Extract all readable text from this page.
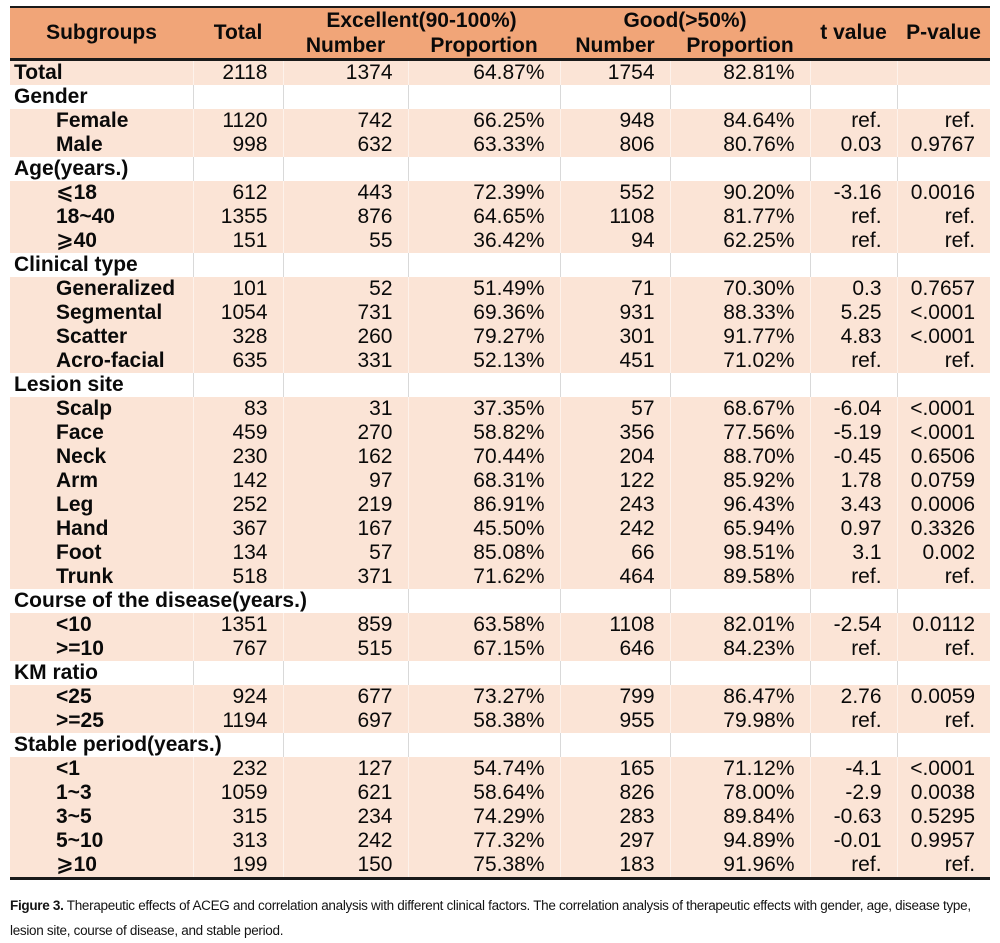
Subgroups	Total	Excellent(90-100%)		Good(>50%)		t value	P-value
		Number	Proportion	Number	Proportion		
Total	2118	1374	64.87%	1754	82.81%		
Gender							
Female	1120	742	66.25%	948	84.64%	ref.	ref.
Male	998	632	63.33%	806	80.76%	0.03	0.9767
Age(years.)							
⩽18	612	443	72.39%	552	90.20%	-3.16	0.0016
18~40	1355	876	64.65%	1108	81.77%	ref.	ref.
⩾40	151	55	36.42%	94	62.25%	ref.	ref.
Clinical type							
Generalized	101	52	51.49%	71	70.30%	0.3	0.7657
Segmental	1054	731	69.36%	931	88.33%	5.25	<.0001
Scatter	328	260	79.27%	301	91.77%	4.83	<.0001
Acro-facial	635	331	52.13%	451	71.02%	ref.	ref.
Lesion site							
Scalp	83	31	37.35%	57	68.67%	-6.04	<.0001
Face	459	270	58.82%	356	77.56%	-5.19	<.0001
Neck	230	162	70.44%	204	88.70%	-0.45	0.6506
Arm	142	97	68.31%	122	85.92%	1.78	0.0759
Leg	252	219	86.91%	243	96.43%	3.43	0.0006
Hand	367	167	45.50%	242	65.94%	0.97	0.3326
Foot	134	57	85.08%	66	98.51%	3.1	0.002
Trunk	518	371	71.62%	464	89.58%	ref.	ref.
Course of the disease(years.)							
<10	1351	859	63.58%	1108	82.01%	-2.54	0.0112
>=10	767	515	67.15%	646	84.23%	ref.	ref.
KM ratio							
<25	924	677	73.27%	799	86.47%	2.76	0.0059
>=25	1194	697	58.38%	955	79.98%	ref.	ref.
Stable period(years.)							
<1	232	127	54.74%	165	71.12%	-4.1	<.0001
1~3	1059	621	58.64%	826	78.00%	-2.9	0.0038
3~5	315	234	74.29%	283	89.84%	-0.63	0.5295
5~10	313	242	77.32%	297	94.89%	-0.01	0.9957
⩾10	199	150	75.38%	183	91.96%	ref.	ref.

Figure 3. Therapeutic effects of ACEG and correlation analysis with different clinical factors. The correlation analysis of therapeutic effects with gender, age, disease type, lesion site, course of disease, and stable period.
